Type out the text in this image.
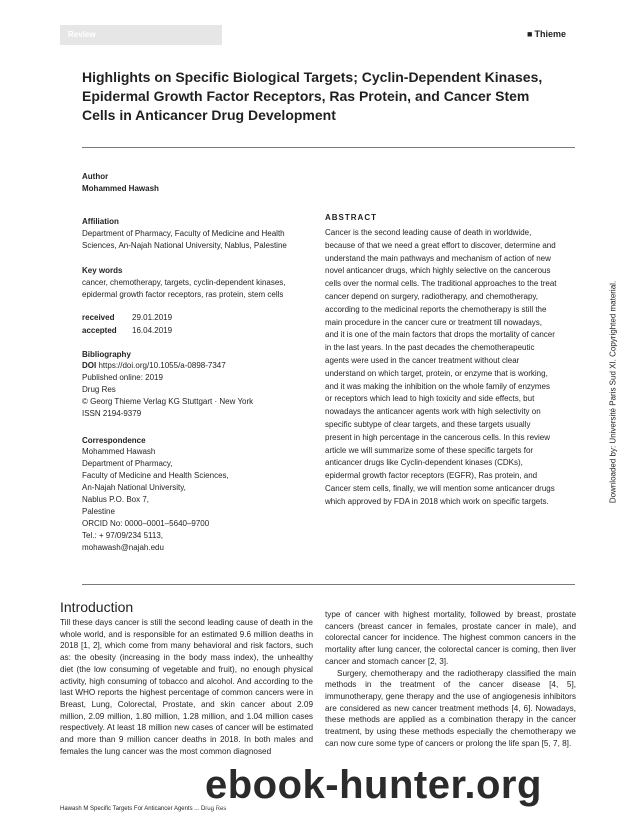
Review	■ Thieme
Highlights on Specific Biological Targets; Cyclin-Dependent Kinases, Epidermal Growth Factor Receptors, Ras Protein, and Cancer Stem Cells in Anticancer Drug Development
Author
Mohammed Hawash
Affiliation
Department of Pharmacy, Faculty of Medicine and Health Sciences, An-Najah National University, Nablus, Palestine
Key words
cancer, chemotherapy, targets, cyclin-dependent kinases, epidermal growth factor receptors, ras protein, stem cells
received	29.01.2019
accepted	16.04.2019
Bibliography
DOI https://doi.org/10.1055/a-0898-7347
Published online: 2019
Drug Res
© Georg Thieme Verlag KG Stuttgart · New York
ISSN 2194-9379
Correspondence
Mohammed Hawash
Department of Pharmacy,
Faculty of Medicine and Health Sciences,
An-Najah National University,
Nablus P.O. Box 7,
Palestine
ORCID No: 0000–0001–5640–9700
Tel.: + 97/09/234 5113,
mohawash@najah.edu
ABSTRACT
Cancer is the second leading cause of death in worldwide, because of that we need a great effort to discover, determine and understand the main pathways and mechanism of action of new novel anticancer drugs, which highly selective on the cancerous cells over the normal cells. The traditional approaches to the treat cancer depend on surgery, radiotherapy, and chemotherapy, according to the medicinal reports the chemotherapy is still the main procedure in the cancer cure or treatment till nowadays, and it is one of the main factors that drops the mortality of cancer in the last years. In the past decades the chemotherapeutic agents were used in the cancer treatment without clear understand on which target, protein, or enzyme that is working, and it was making the inhibition on the whole family of enzymes or receptors which lead to high toxicity and side effects, but nowadays the anticancer agents work with high selectivity on specific subtype of clear targets, and these targets usually present in high percentage in the cancerous cells. In this review article we will summarize some of these specific targets for anticancer drugs like Cyclin-dependent kinases (CDKs), epidermal growth factor receptors (EGFR), Ras protein, and Cancer stem cells, finally, we will mention some anticancer drugs which approved by FDA in 2018 which work on specific targets.	Downloaded by: Université Paris Sud XI. Copyrighted material.
Introduction
Till these days cancer is still the second leading cause of death in the whole world, and is responsible for an estimated 9.6 million deaths in 2018 [1, 2], which come from many behavioral and risk factors, such as: the obesity (increasing in the body mass index), the unhealthy diet (the low consuming of vegetable and fruit), no enough physical activity, high consuming of tobacco and alcohol. And according to the last WHO reports the highest percentage of common cancers were in Breast, Lung, Colorectal, Prostate, and skin cancer about 2.09 million, 2.09 million, 1.80 million, 1.28 million, and 1.04 million cases respectively. At least 18 million new cases of cancer will be estimated and more than 9 million cancer deaths in 2018. In both males and females the lung cancer was the most common diagnosed

type of cancer with highest mortality, followed by breast, prostate cancers (breast cancer in females, prostate cancer in male), and colorectal cancer for incidence. The highest common cancers in the mortality after lung cancer, the colorectal cancer is coming, then liver cancer and stomach cancer [2, 3].

Surgery, chemotherapy and the radiotherapy classified the main methods in the treatment of the cancer disease [4, 5], immunotherapy, gene therapy and the use of angiogenesis inhibitors are considered as new cancer treatment methods [4, 6]. Nowadays, these methods are applied as a combination therapy in the cancer treatment, by using these methods especially the chemotherapy we can now cure some type of cancers or prolong the life span [5, 7, 8].

Hawash M Specific Targets For Anticancer Agents ... Drug Res
ebook-hunter.org
